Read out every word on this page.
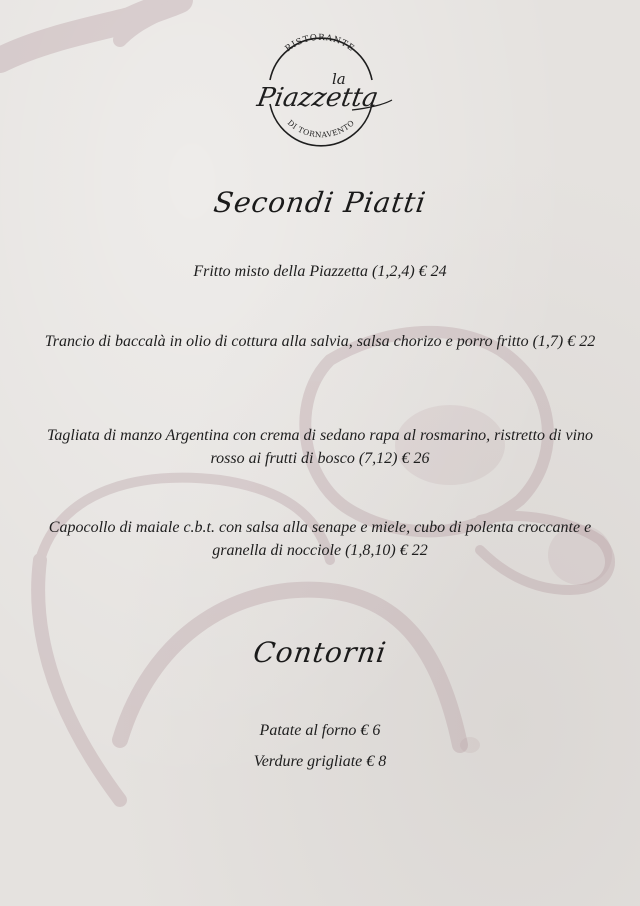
RISTORANTE
DI TORNAVENTO
la
Piazzetta
Secondi Piatti
Fritto misto della Piazzetta (1,2,4) € 24
Trancio di baccalà in olio di cottura alla salvia, salsa chorizo e porro fritto (1,7) € 22
Tagliata di manzo Argentina con crema di sedano rapa al rosmarino, ristretto di vino rosso ai frutti di bosco (7,12) € 26
Capocollo di maiale c.b.t. con salsa alla senape e miele, cubo di polenta croccante e granella di nocciole (1,8,10) € 22
Contorni
Patate al forno € 6
Verdure grigliate € 8
